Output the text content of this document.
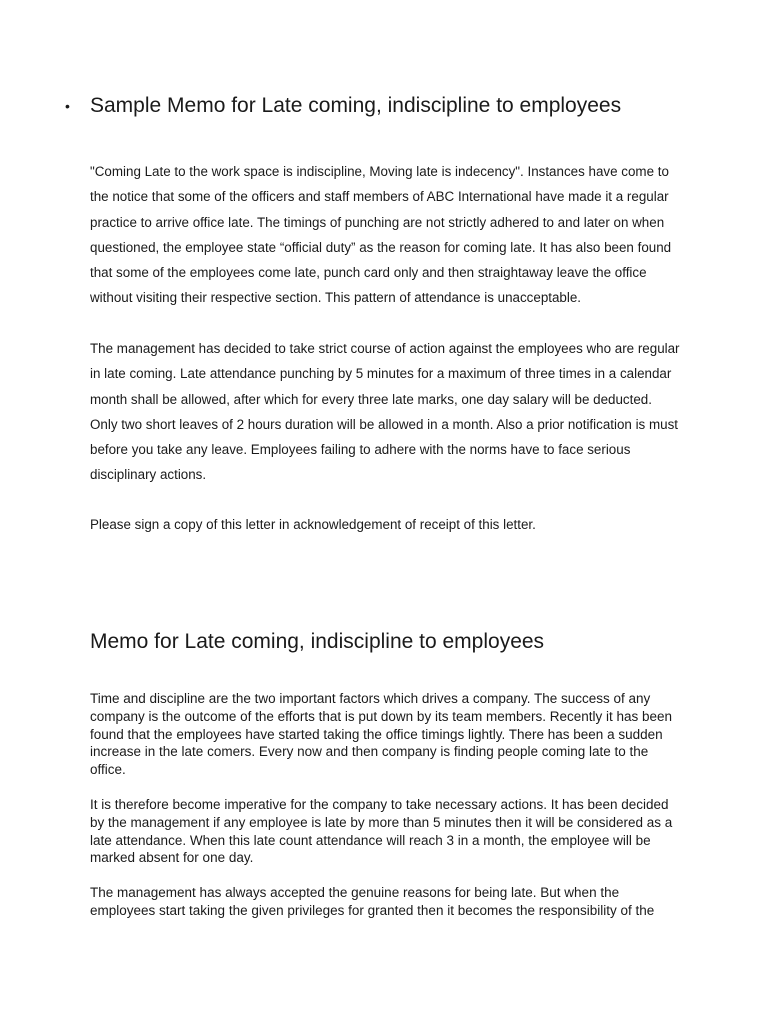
• Sample Memo for Late coming, indiscipline to employees

"Coming Late to the work space is indiscipline, Moving late is indecency". Instances have come to the notice that some of the officers and staff members of ABC International have made it a regular practice to arrive office late. The timings of punching are not strictly adhered to and later on when questioned, the employee state “official duty” as the reason for coming late. It has also been found that some of the employees come late, punch card only and then straightaway leave the office without visiting their respective section. This pattern of attendance is unacceptable.

The management has decided to take strict course of action against the employees who are regular in late coming. Late attendance punching by 5 minutes for a maximum of three times in a calendar month shall be allowed, after which for every three late marks, one day salary will be deducted. Only two short leaves of 2 hours duration will be allowed in a month. Also a prior notification is must before you take any leave. Employees failing to adhere with the norms have to face serious disciplinary actions.

Please sign a copy of this letter in acknowledgement of receipt of this letter.

Memo for Late coming, indiscipline to employees

Time and discipline are the two important factors which drives a company. The success of any company is the outcome of the efforts that is put down by its team members. Recently it has been found that the employees have started taking the office timings lightly. There has been a sudden increase in the late comers. Every now and then company is finding people coming late to the office.

It is therefore become imperative for the company to take necessary actions. It has been decided by the management if any employee is late by more than 5 minutes then it will be considered as a late attendance. When this late count attendance will reach 3 in a month, the employee will be marked absent for one day.

The management has always accepted the genuine reasons for being late. But when the employees start taking the given privileges for granted then it becomes the responsibility of the
